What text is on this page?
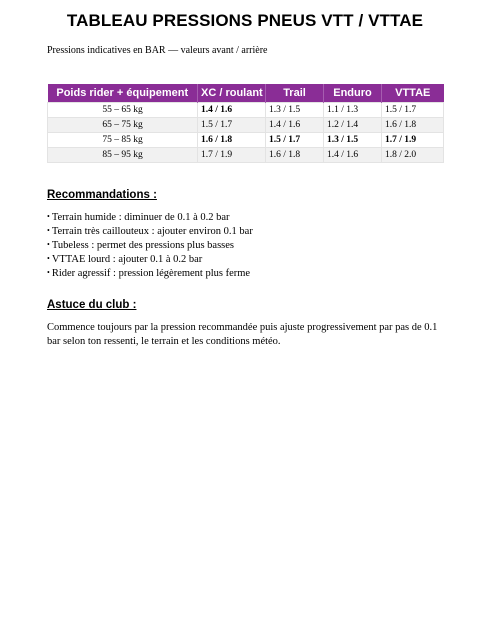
TABLEAU PRESSIONS PNEUS VTT / VTTAE
Pressions indicatives en BAR — valeurs avant / arrière
Poids rider + équipement	XC / roulant	Trail	Enduro	VTTAE
55 – 65 kg	1.4 / 1.6	1.3 / 1.5	1.1 / 1.3	1.5 / 1.7
65 – 75 kg	1.5 / 1.7	1.4 / 1.6	1.2 / 1.4	1.6 / 1.8
75 – 85 kg	1.6 / 1.8	1.5 / 1.7	1.3 / 1.5	1.7 / 1.9
85 – 95 kg	1.7 / 1.9	1.6 / 1.8	1.4 / 1.6	1.8 / 2.0
Recommandations :
• Terrain humide : diminuer de 0.1 à 0.2 bar
• Terrain très caillouteux : ajouter environ 0.1 bar
• Tubeless : permet des pressions plus basses
• VTTAE lourd : ajouter 0.1 à 0.2 bar
• Rider agressif : pression légèrement plus ferme
Astuce du club :
Commence toujours par la pression recommandée puis ajuste progressivement par pas de 0.1 bar selon ton ressenti, le terrain et les conditions météo.
